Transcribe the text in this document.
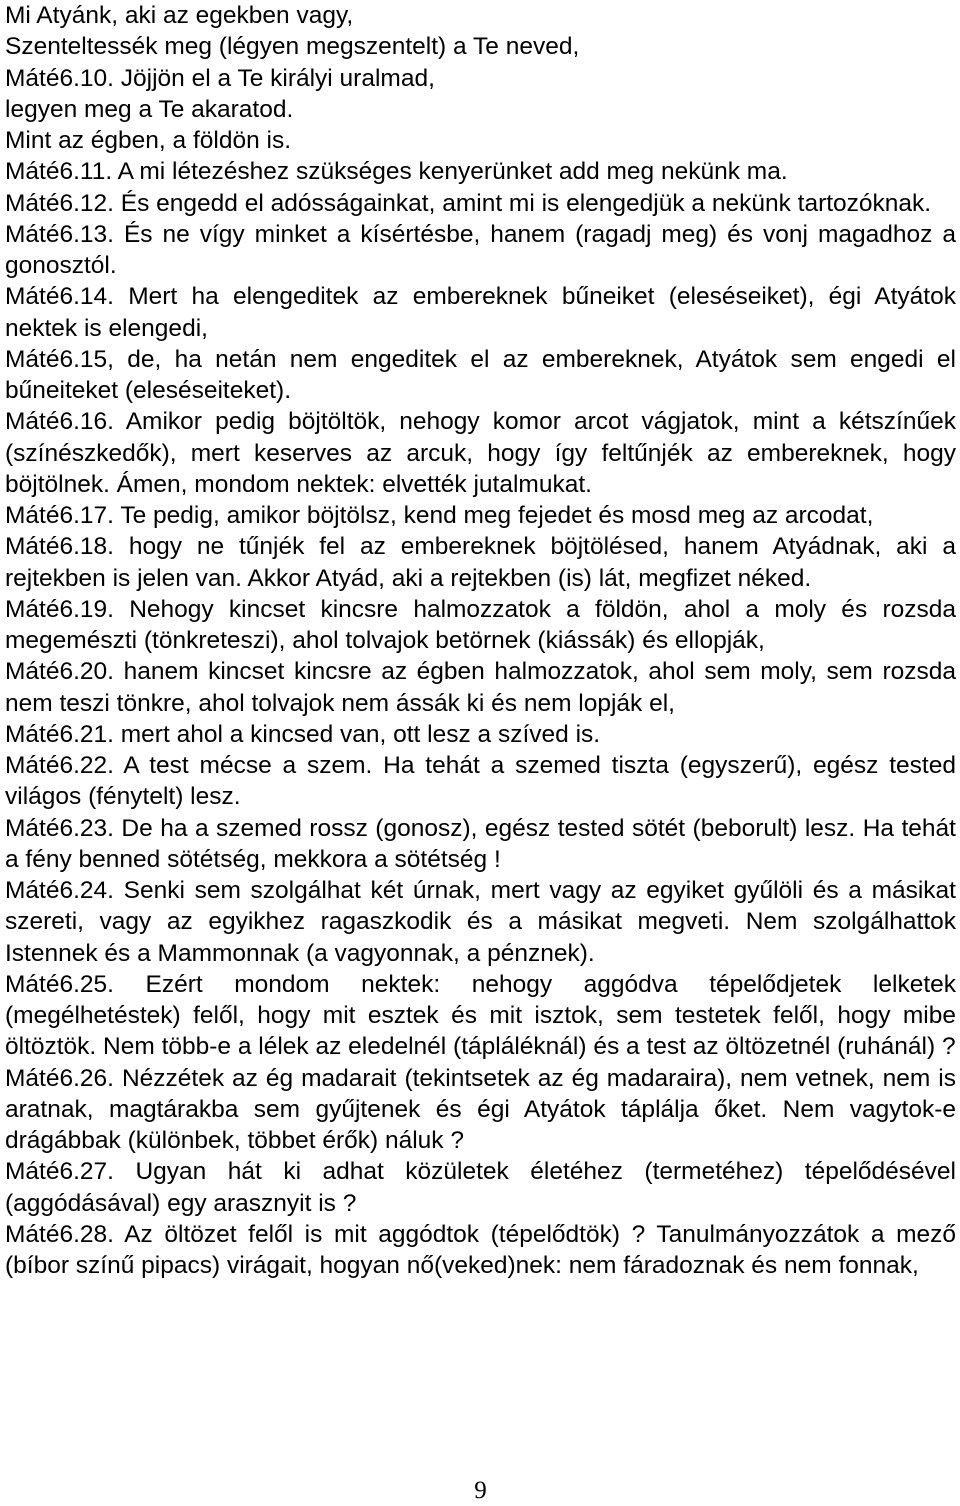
Mi Atyánk, aki az egekben vagy,

Szenteltessék meg (légyen megszentelt) a Te neved,

Máté6.10. Jöjjön el a Te királyi uralmad,

legyen meg a Te akaratod.

Mint az égben, a földön is.

Máté6.11. A mi létezéshez szükséges kenyerünket add meg nekünk ma.

Máté6.12. És engedd el adósságainkat, amint mi is elengedjük a nekünk tartozóknak.

Máté6.13. És ne vígy minket a kísértésbe, hanem (ragadj meg) és vonj magadhoz a gonosztól.

Máté6.14. Mert ha elengeditek az embereknek bűneiket (eleséseiket), égi Atyátok nektek is elengedi,

Máté6.15, de, ha netán nem engeditek el az embereknek, Atyátok sem engedi el bűneiteket (eleséseiteket).

Máté6.16. Amikor pedig böjtöltök, nehogy komor arcot vágjatok, mint a kétszínűek (színészkedők), mert keserves az arcuk, hogy így feltűnjék az embereknek, hogy böjtölnek. Ámen, mondom nektek: elvették jutalmukat.

Máté6.17. Te pedig, amikor böjtölsz, kend meg fejedet és mosd meg az arcodat,

Máté6.18. hogy ne tűnjék fel az embereknek böjtölésed, hanem Atyádnak, aki a rejtekben is jelen van. Akkor Atyád, aki a rejtekben (is) lát, megfizet néked.

Máté6.19. Nehogy kincset kincsre halmozzatok a földön, ahol a moly és rozsda megemészti (tönkreteszi), ahol tolvajok betörnek (kiássák) és ellopják,

Máté6.20. hanem kincset kincsre az égben halmozzatok, ahol sem moly, sem rozsda nem teszi tönkre, ahol tolvajok nem ássák ki és nem lopják el,

Máté6.21. mert ahol a kincsed van, ott lesz a szíved is.

Máté6.22. A test mécse a szem. Ha tehát a szemed tiszta (egyszerű), egész tested világos (fénytelt) lesz.

Máté6.23. De ha a szemed rossz (gonosz), egész tested sötét (beborult) lesz. Ha tehát a fény benned sötétség, mekkora a sötétség !

Máté6.24. Senki sem szolgálhat két úrnak, mert vagy az egyiket gyűlöli és a másikat szereti, vagy az egyikhez ragaszkodik és a másikat megveti. Nem szolgálhattok Istennek és a Mammonnak (a vagyonnak, a pénznek).

Máté6.25. Ezért mondom nektek: nehogy aggódva tépelődjetek lelketek (megélhetéstek) felől, hogy mit esztek és mit isztok, sem testetek felől, hogy mibe öltöztök. Nem több-e a lélek az eledelnél (tápláléknál) és a test az öltözetnél (ruhánál) ?

Máté6.26. Nézzétek az ég madarait (tekintsetek az ég madaraira), nem vetnek, nem is aratnak, magtárakba sem gyűjtenek és égi Atyátok táplálja őket. Nem vagytok-e drágábbak (különbek, többet érők) náluk ?

Máté6.27. Ugyan hát ki adhat közületek életéhez (termetéhez) tépelődésével (aggódásával) egy arasznyit is ?

Máté6.28. Az öltözet felől is mit aggódtok (tépelődtök) ? Tanulmányozzátok a mező (bíbor színű pipacs) virágait, hogyan nő(veked)nek: nem fáradoznak és nem fonnak,

9
